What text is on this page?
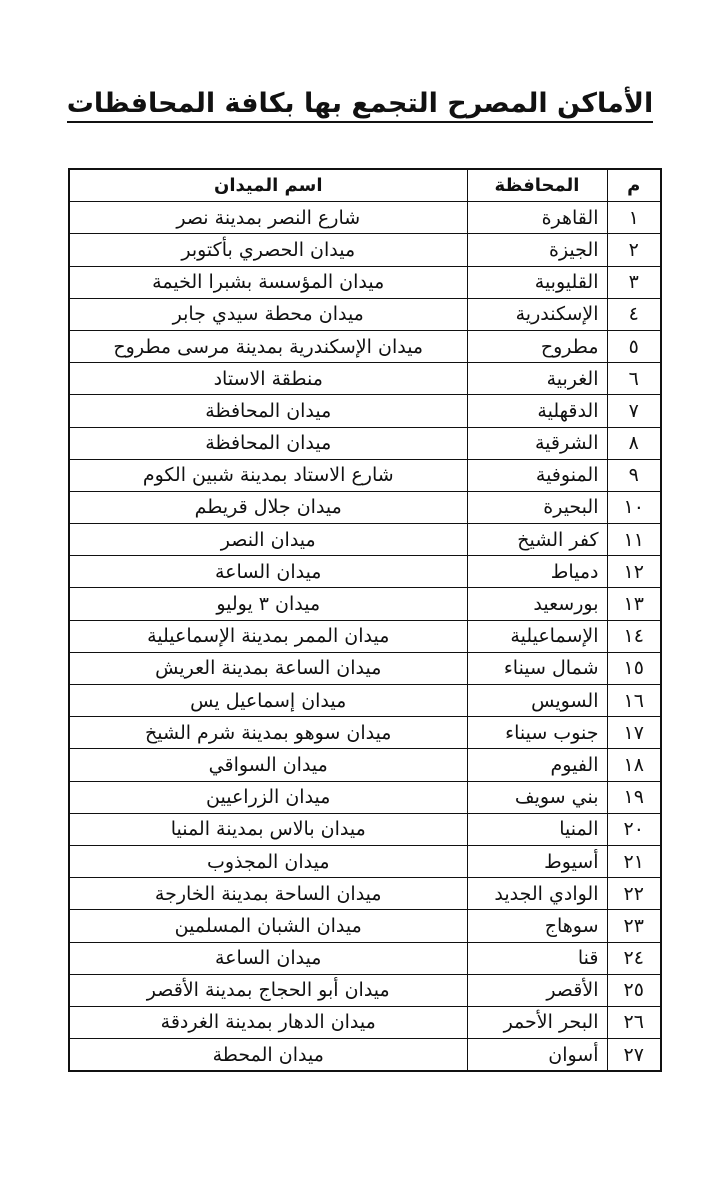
الأماكن المصرح التجمع بها بكافة المحافظات
م	المحافظة	اسم الميدان
١	القاهرة	شارع النصر بمدينة نصر
٢	الجيزة	ميدان الحصري بأكتوبر
٣	القليوبية	ميدان المؤسسة بشبرا الخيمة
٤	الإسكندرية	ميدان محطة سيدي جابر
٥	مطروح	ميدان الإسكندرية بمدينة مرسى مطروح
٦	الغربية	منطقة الاستاد
٧	الدقهلية	ميدان المحافظة
٨	الشرقية	ميدان المحافظة
٩	المنوفية	شارع الاستاد بمدينة شبين الكوم
١٠	البحيرة	ميدان جلال قريطم
١١	كفر الشيخ	ميدان النصر
١٢	دمياط	ميدان الساعة
١٣	بورسعيد	ميدان ٣ يوليو
١٤	الإسماعيلية	ميدان الممر بمدينة الإسماعيلية
١٥	شمال سيناء	ميدان الساعة بمدينة العريش
١٦	السويس	ميدان إسماعيل يس
١٧	جنوب سيناء	ميدان سوهو بمدينة شرم الشيخ
١٨	الفيوم	ميدان السواقي
١٩	بني سويف	ميدان الزراعيين
٢٠	المنيا	ميدان بالاس بمدينة المنيا
٢١	أسيوط	ميدان المجذوب
٢٢	الوادي الجديد	ميدان الساحة بمدينة الخارجة
٢٣	سوهاج	ميدان الشبان المسلمين
٢٤	قنا	ميدان الساعة
٢٥	الأقصر	ميدان أبو الحجاج بمدينة الأقصر
٢٦	البحر الأحمر	ميدان الدهار بمدينة الغردقة
٢٧	أسوان	ميدان المحطة
